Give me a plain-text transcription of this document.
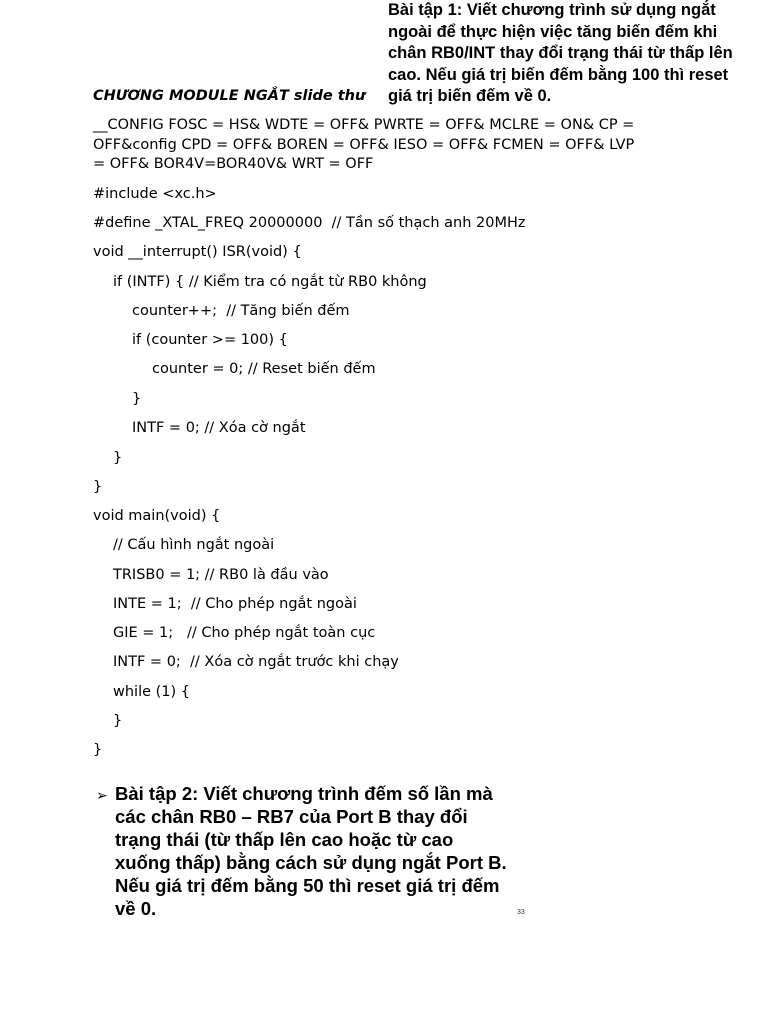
Bài tập 1: Viết chương trình sử dụng ngắt
ngoài để thực hiện việc tăng biến đếm khi
chân RB0/INT thay đổi trạng thái từ thấp lên
cao. Nếu giá trị biến đếm bằng 100 thì reset
giá trị biến đếm về 0.
CHƯƠNG MODULE NGẮT slide thư
__CONFIG FOSC = HS& WDTE = OFF& PWRTE = OFF& MCLRE = ON& CP =
OFF&config CPD = OFF& BOREN = OFF& IESO = OFF& FCMEN = OFF& LVP
= OFF& BOR4V=BOR40V& WRT = OFF
#include <xc.h>
#define _XTAL_FREQ 20000000  // Tần số thạch anh 20MHz
void __interrupt() ISR(void) {
if (INTF) { // Kiểm tra có ngắt từ RB0 không
counter++;  // Tăng biến đếm
if (counter >= 100) {
counter = 0; // Reset biến đếm
}
INTF = 0; // Xóa cờ ngắt
}
}
void main(void) {
// Cấu hình ngắt ngoài
TRISB0 = 1; // RB0 là đầu vào
INTE = 1;  // Cho phép ngắt ngoài
GIE = 1;   // Cho phép ngắt toàn cục
INTF = 0;  // Xóa cờ ngắt trước khi chạy
while (1) {
}
}
➢ Bài tập 2: Viết chương trình đếm số lần mà
các chân RB0 – RB7 của Port B thay đổi
trạng thái (từ thấp lên cao hoặc từ cao
xuống thấp) bằng cách sử dụng ngắt Port B.
Nếu giá trị đếm bằng 50 thì reset giá trị đếm
về 0.	33
